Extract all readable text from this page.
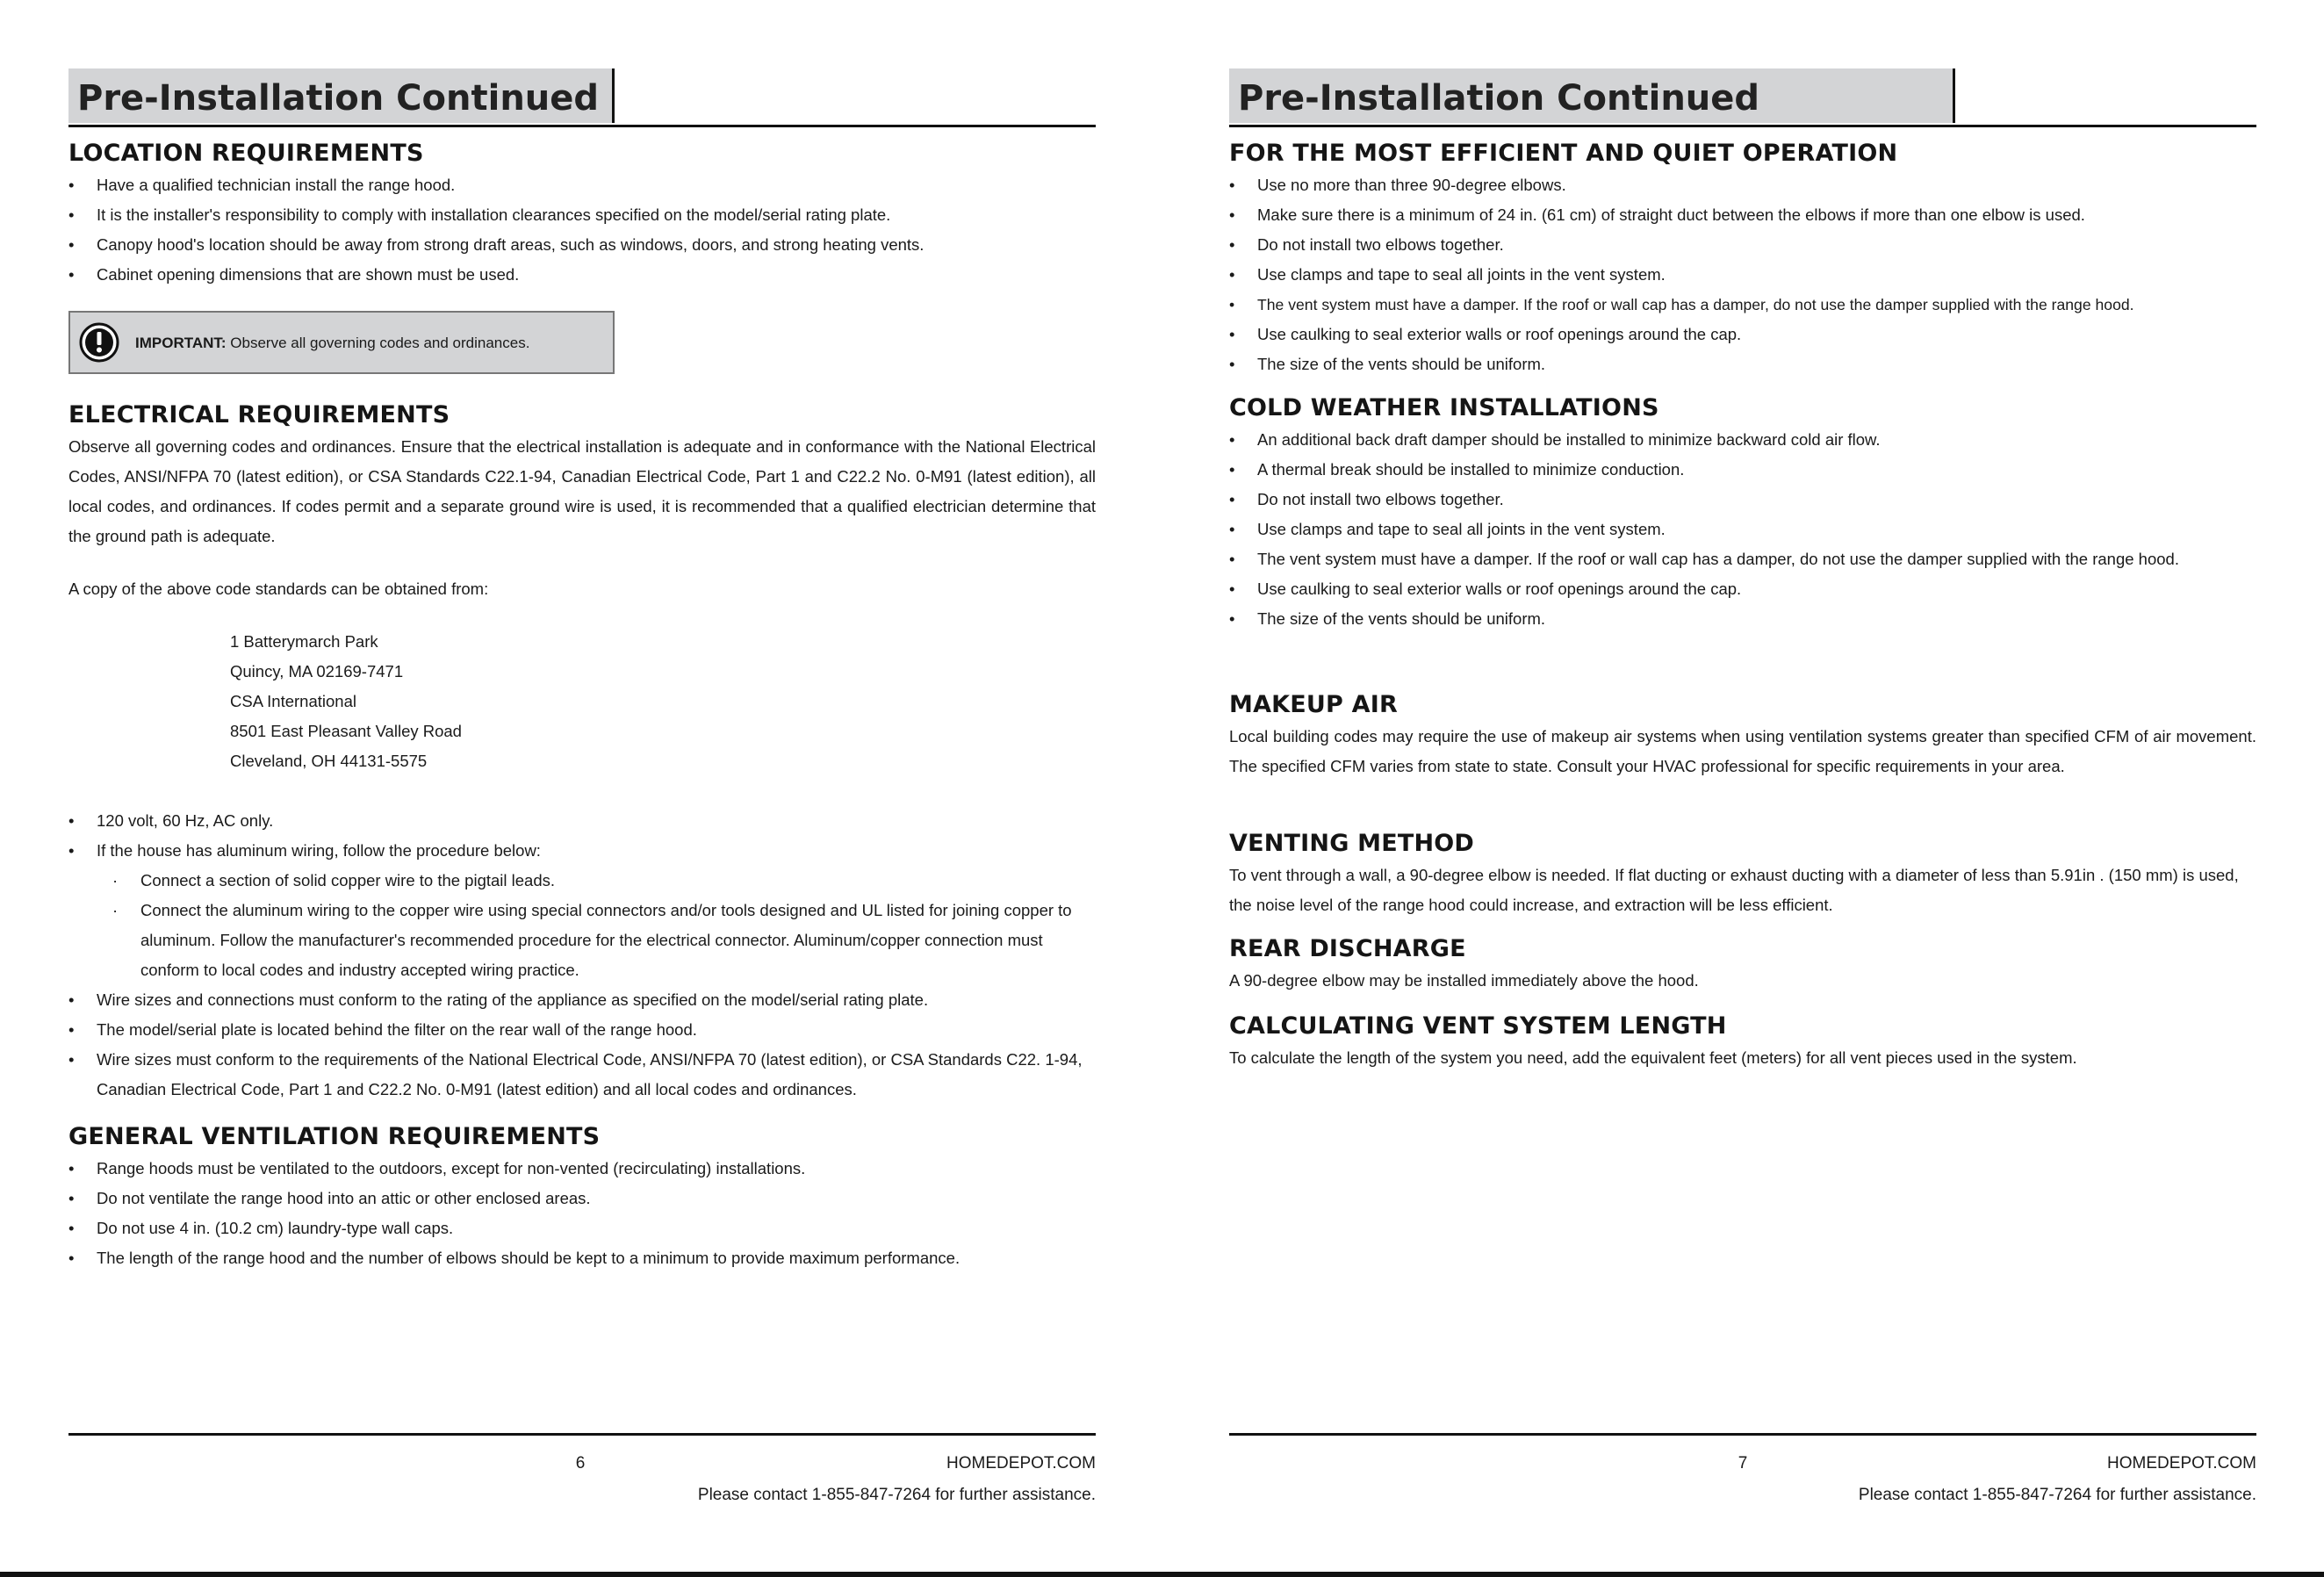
Pre-Installation Continued
LOCATION REQUIREMENTS
• Have a qualified technician install the range hood.
• It is the installer's responsibility to comply with installation clearances specified on the model/serial rating plate.
• Canopy hood's location should be away from strong draft areas, such as windows, doors, and strong heating vents.
• Cabinet opening dimensions that are shown must be used.
IMPORTANT: Observe all governing codes and ordinances.
ELECTRICAL REQUIREMENTS

Observe all governing codes and ordinances. Ensure that the electrical installation is adequate and in conformance with the National Electrical Codes, ANSI/NFPA 70 (latest edition), or CSA Standards C22.1-94, Canadian Electrical Code, Part 1 and C22.2 No. 0-M91 (latest edition), all local codes, and ordinances. If codes permit and a separate ground wire is used, it is recommended that a qualified electrician determine that the ground path is adequate.

A copy of the above code standards can be obtained from:

1 Batterymarch Park
Quincy, MA 02169-7471
CSA International
8501 East Pleasant Valley Road
Cleveland, OH 44131-5575
• 120 volt, 60 Hz, AC only.
• If the house has aluminum wiring, follow the procedure below:
· Connect a section of solid copper wire to the pigtail leads.
· Connect the aluminum wiring to the copper wire using special connectors and/or tools designed and UL listed for joining copper to aluminum. Follow the manufacturer's recommended procedure for the electrical connector. Aluminum/copper connection must conform to local codes and industry accepted wiring practice.
• Wire sizes and connections must conform to the rating of the appliance as specified on the model/serial rating plate.
• The model/serial plate is located behind the filter on the rear wall of the range hood.
• Wire sizes must conform to the requirements of the National Electrical Code, ANSI/NFPA 70 (latest edition), or CSA Standards C22. 1-94, Canadian Electrical Code, Part 1 and C22.2 No. 0-M91 (latest edition) and all local codes and ordinances.
GENERAL VENTILATION REQUIREMENTS
• Range hoods must be ventilated to the outdoors, except for non-vented (recirculating) installations.
• Do not ventilate the range hood into an attic or other enclosed areas.
• Do not use 4 in. (10.2 cm) laundry-type wall caps.
• The length of the range hood and the number of elbows should be kept to a minimum to provide maximum performance.
HOMEDEPOT.COM
Please contact 1-855-847-7264 for further assistance.
6
Pre-Installation Continued
FOR THE MOST EFFICIENT AND QUIET OPERATION
• Use no more than three 90-degree elbows.
• Make sure there is a minimum of 24 in. (61 cm) of straight duct between the elbows if more than one elbow is used.
• Do not install two elbows together.
• Use clamps and tape to seal all joints in the vent system.
• The vent system must have a damper. If the roof or wall cap has a damper, do not use the damper supplied with the range hood.
• Use caulking to seal exterior walls or roof openings around the cap.
• The size of the vents should be uniform.
COLD WEATHER INSTALLATIONS
• An additional back draft damper should be installed to minimize backward cold air flow.
• A thermal break should be installed to minimize conduction.
• Do not install two elbows together.
• Use clamps and tape to seal all joints in the vent system.
• The vent system must have a damper. If the roof or wall cap has a damper, do not use the damper supplied with the range hood.
• Use caulking to seal exterior walls or roof openings around the cap.
• The size of the vents should be uniform.
MAKEUP AIR

Local building codes may require the use of makeup air systems when using ventilation systems greater than specified CFM of air movement. The specified CFM varies from state to state. Consult your HVAC professional for specific requirements in your area.

VENTING METHOD

To vent through a wall, a 90-degree elbow is needed. If flat ducting or exhaust ducting with a diameter of less than 5.91in . (150 mm) is used, the noise level of the range hood could increase, and extraction will be less efficient.

REAR DISCHARGE

A 90-degree elbow may be installed immediately above the hood.

CALCULATING VENT SYSTEM LENGTH

To calculate the length of the system you need, add the equivalent feet (meters) for all vent pieces used in the system.

HOMEDEPOT.COM
Please contact 1-855-847-7264 for further assistance.
7
